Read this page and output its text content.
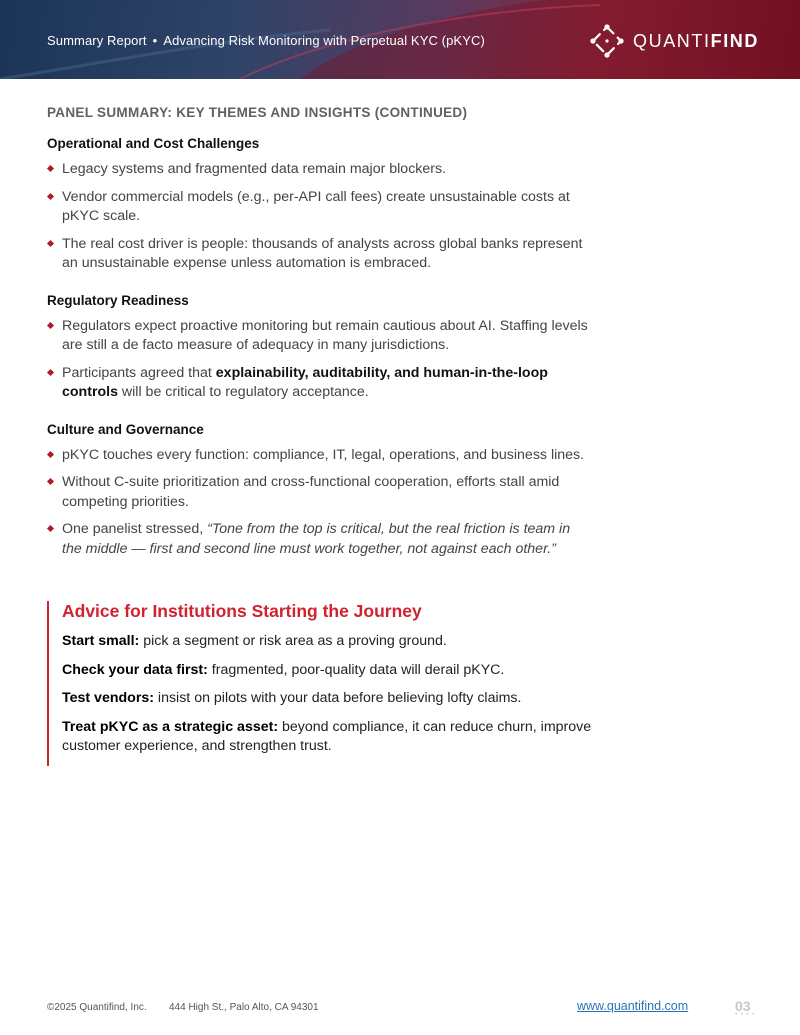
Summary Report • Advancing Risk Monitoring with Perpetual KYC (pKYC)	QUANTIFIND
PANEL SUMMARY: KEY THEMES AND INSIGHTS (CONTINUED)
Operational and Cost Challenges
Legacy systems and fragmented data remain major blockers.
Vendor commercial models (e.g., per-API call fees) create unsustainable costs at pKYC scale.
The real cost driver is people: thousands of analysts across global banks represent an unsustainable expense unless automation is embraced.
Regulatory Readiness
Regulators expect proactive monitoring but remain cautious about AI. Staffing levels are still a de facto measure of adequacy in many jurisdictions.
Participants agreed that explainability, auditability, and human-in-the-loop controls will be critical to regulatory acceptance.
Culture and Governance
pKYC touches every function: compliance, IT, legal, operations, and business lines.
Without C-suite prioritization and cross-functional cooperation, efforts stall amid competing priorities.
One panelist stressed, “Tone from the top is critical, but the real friction is team in the middle — first and second line must work together, not against each other.”
Advice for Institutions Starting the Journey

Start small: pick a segment or risk area as a proving ground.

Check your data first: fragmented, poor-quality data will derail pKYC.

Test vendors: insist on pilots with your data before believing lofty claims.

Treat pKYC as a strategic asset: beyond compliance, it can reduce churn, improve customer experience, and strengthen trust.

©2025 Quantifind, Inc. 444 High St., Palo Alto, CA 94301	www.quantifind.com	03
• • • •
